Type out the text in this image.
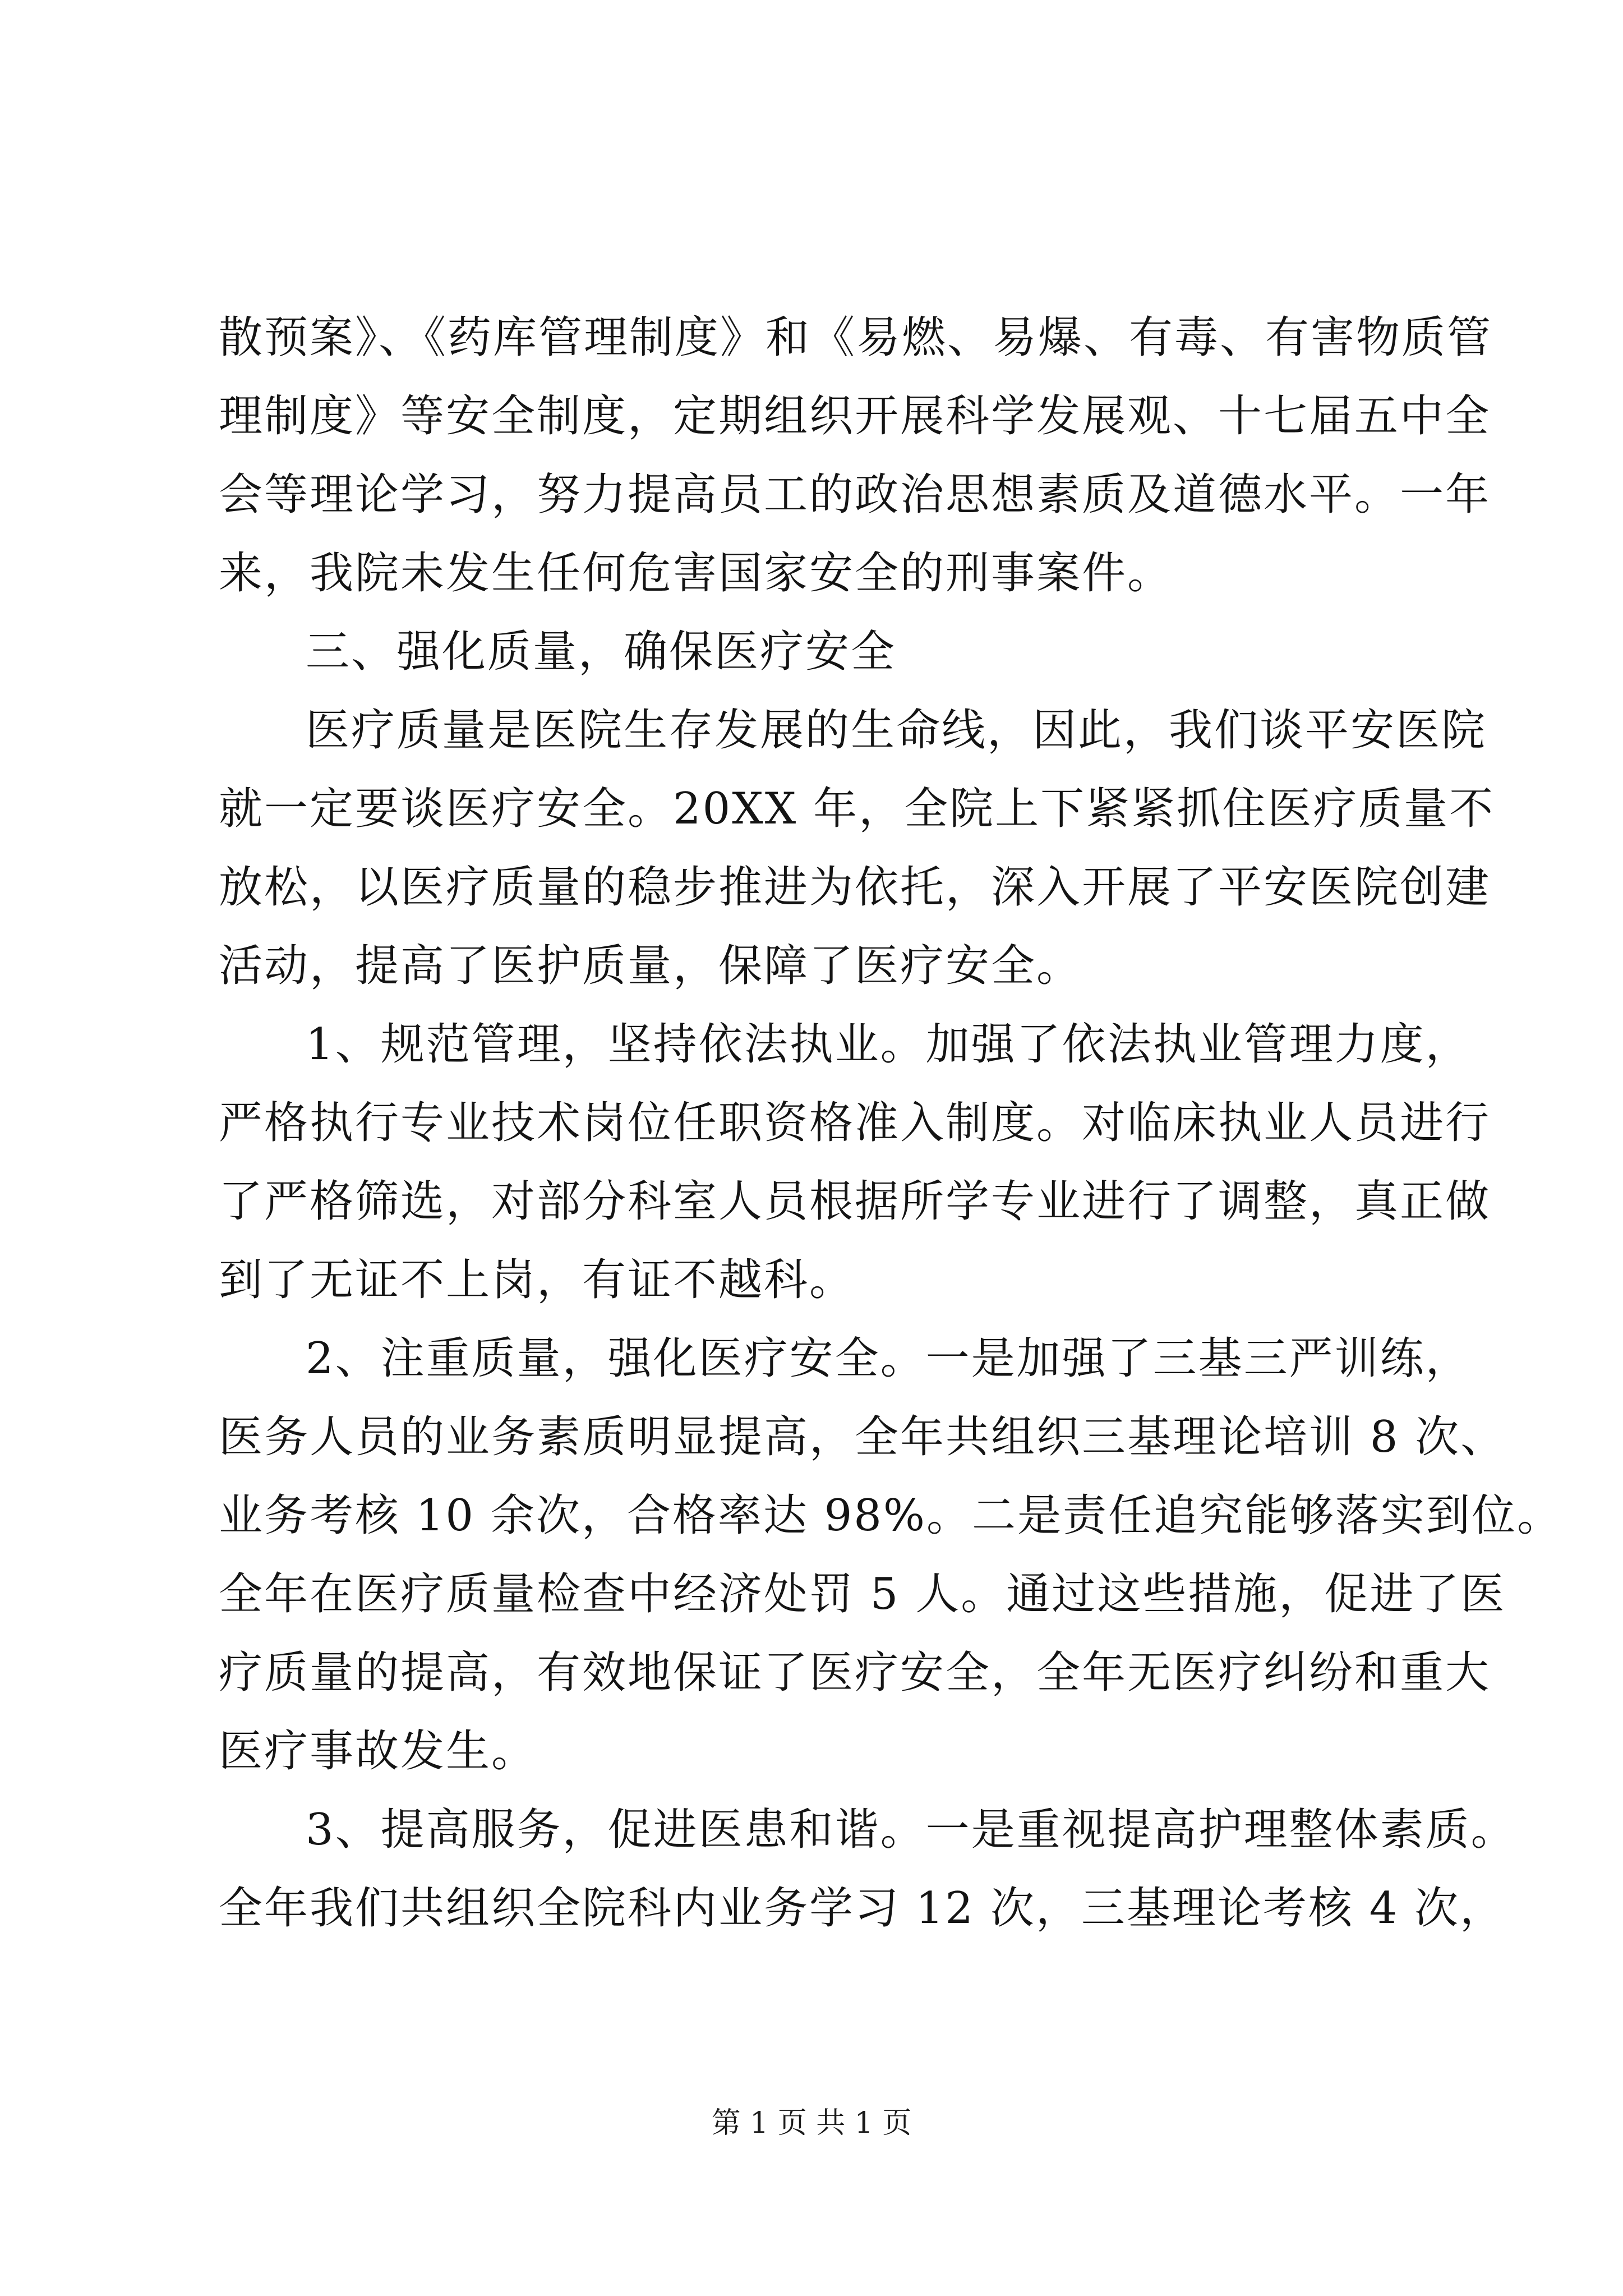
散预案》、《药库管理制度》和《易燃、易爆、有毒、有害物质管
理制度》等安全制度，定期组织开展科学发展观、十七届五中全
会等理论学习，努力提高员工的政治思想素质及道德水平。一年
来，我院未发生任何危害国家安全的刑事案件。
三、强化质量，确保医疗安全
医疗质量是医院生存发展的生命线，因此，我们谈平安医院
就一定要谈医疗安全。20XX 年，全院上下紧紧抓住医疗质量不
放松，以医疗质量的稳步推进为依托，深入开展了平安医院创建
活动，提高了医护质量，保障了医疗安全。
1、规范管理，坚持依法执业。加强了依法执业管理力度，
严格执行专业技术岗位任职资格准入制度。对临床执业人员进行
了严格筛选，对部分科室人员根据所学专业进行了调整，真正做
到了无证不上岗，有证不越科。
2、注重质量，强化医疗安全。一是加强了三基三严训练，
医务人员的业务素质明显提高，全年共组织三基理论培训 8 次、
业务考核 10 余次，合格率达 98%。二是责任追究能够落实到位。
全年在医疗质量检查中经济处罚 5 人。通过这些措施，促进了医
疗质量的提高，有效地保证了医疗安全，全年无医疗纠纷和重大
医疗事故发生。
3、提高服务，促进医患和谐。一是重视提高护理整体素质。
全年我们共组织全院科内业务学习 12 次，三基理论考核 4 次，
第 1 页 共 1 页
